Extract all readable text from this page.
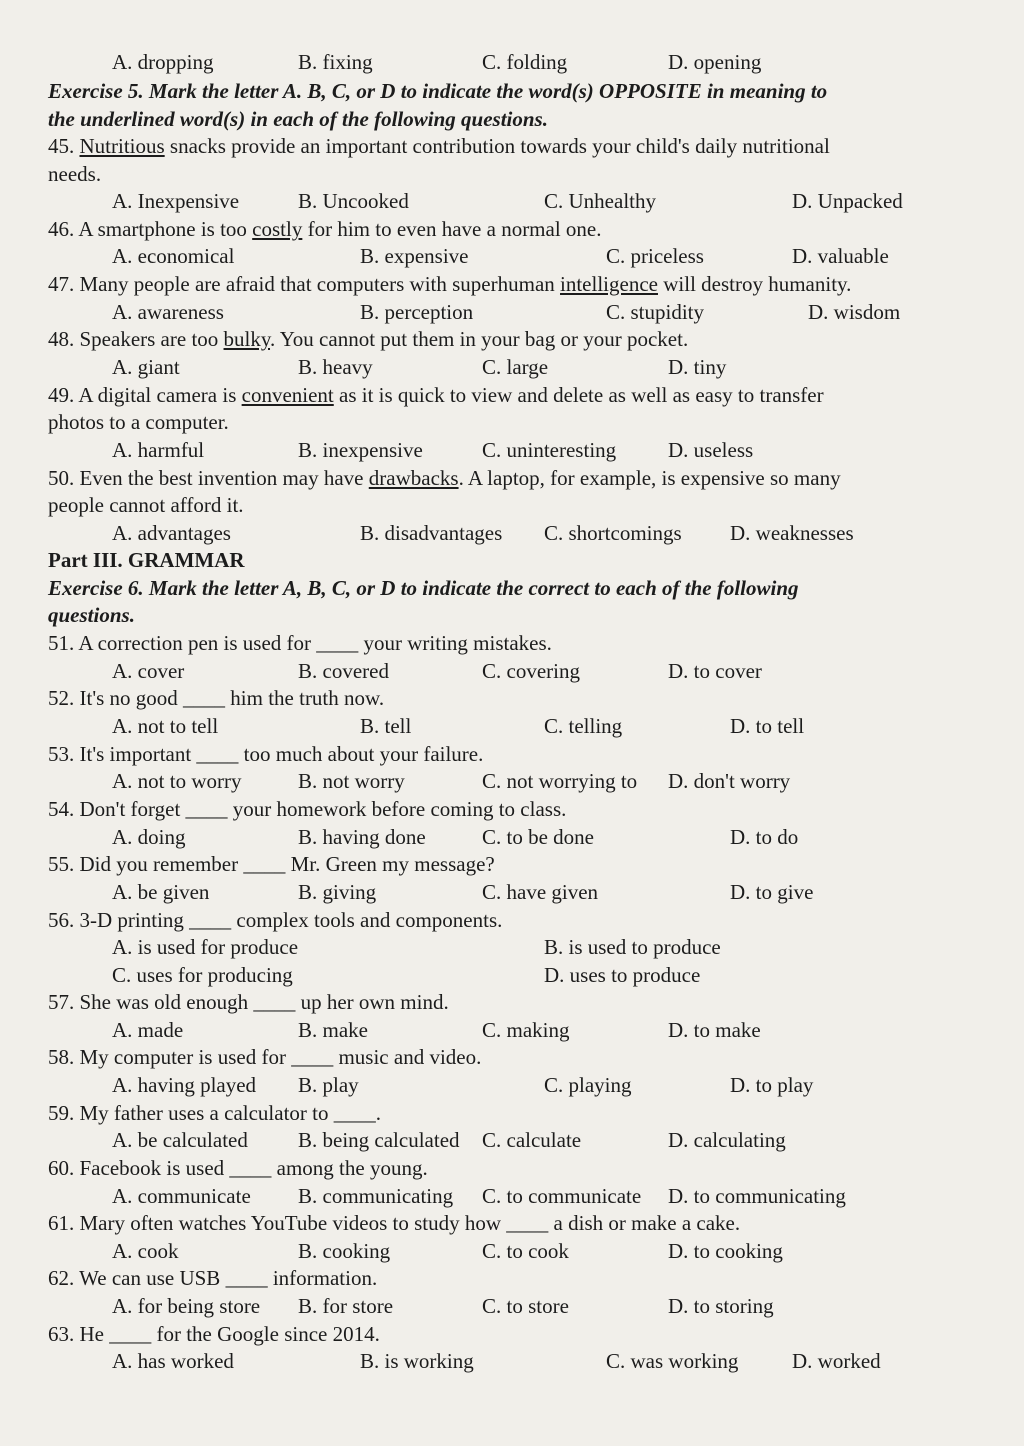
A. dropping	B. fixing	C. folding	D. opening
Exercise 5. Mark the letter A. B, C, or D to indicate the word(s) OPPOSITE in meaning to
the underlined word(s) in each of the following questions.
45. Nutritious snacks provide an important contribution towards your child's daily nutritional
needs.
A. Inexpensive	B. Uncooked	C. Unhealthy	D. Unpacked
46. A smartphone is too costly for him to even have a normal one.
A. economical	B. expensive	C. priceless	D. valuable
47. Many people are afraid that computers with superhuman intelligence will destroy humanity.
A. awareness	B. perception	C. stupidity	D. wisdom
48. Speakers are too bulky. You cannot put them in your bag or your pocket.
A. giant	B. heavy	C. large	D. tiny
49. A digital camera is convenient as it is quick to view and delete as well as easy to transfer
photos to a computer.
A. harmful	B. inexpensive	C. uninteresting D. useless
50. Even the best invention may have drawbacks. A laptop, for example, is expensive so many
people cannot afford it.
A. advantages	B. disadvantages C. shortcomings D. weaknesses
Part III. GRAMMAR
Exercise 6. Mark the letter A, B, C, or D to indicate the correct to each of the following
questions.
51. A correction pen is used for ____ your writing mistakes.
A. cover	B. covered	C. covering	D. to cover
52. It's no good ____ him the truth now.
A. not to tell	B. tell	C. telling	D. to tell
53. It's important ____ too much about your failure.
A. not to worry	B. not worry	C. not worrying to D. don't worry
54. Don't forget ____ your homework before coming to class.
A. doing	B. having done	C. to be done	D. to do
55. Did you remember ____ Mr. Green my message?
A. be given	B. giving	C. have given	D. to give
56. 3-D printing ____ complex tools and components.
A. is used for produce	B. is used to produce
C. uses for producing	D. uses to produce
57. She was old enough ____ up her own mind.
A. made	B. make	C. making	D. to make
58. My computer is used for ____ music and video.
A. having played B. play	C. playing	D. to play
59. My father uses a calculator to ____.
A. be calculated B. being calculated C. calculate	D. calculating
60. Facebook is used ____ among the young.
A. communicate B. communicating C. to communicate D. to communicating
61. Mary often watches YouTube videos to study how ____ a dish or make a cake.
A. cook	B. cooking	C. to cook	D. to cooking
62. We can use USB ____ information.
A. for being store B. for store	C. to store	D. to storing
63. He ____ for the Google since 2014.
A. has worked	B. is working	C. was working	D. worked
